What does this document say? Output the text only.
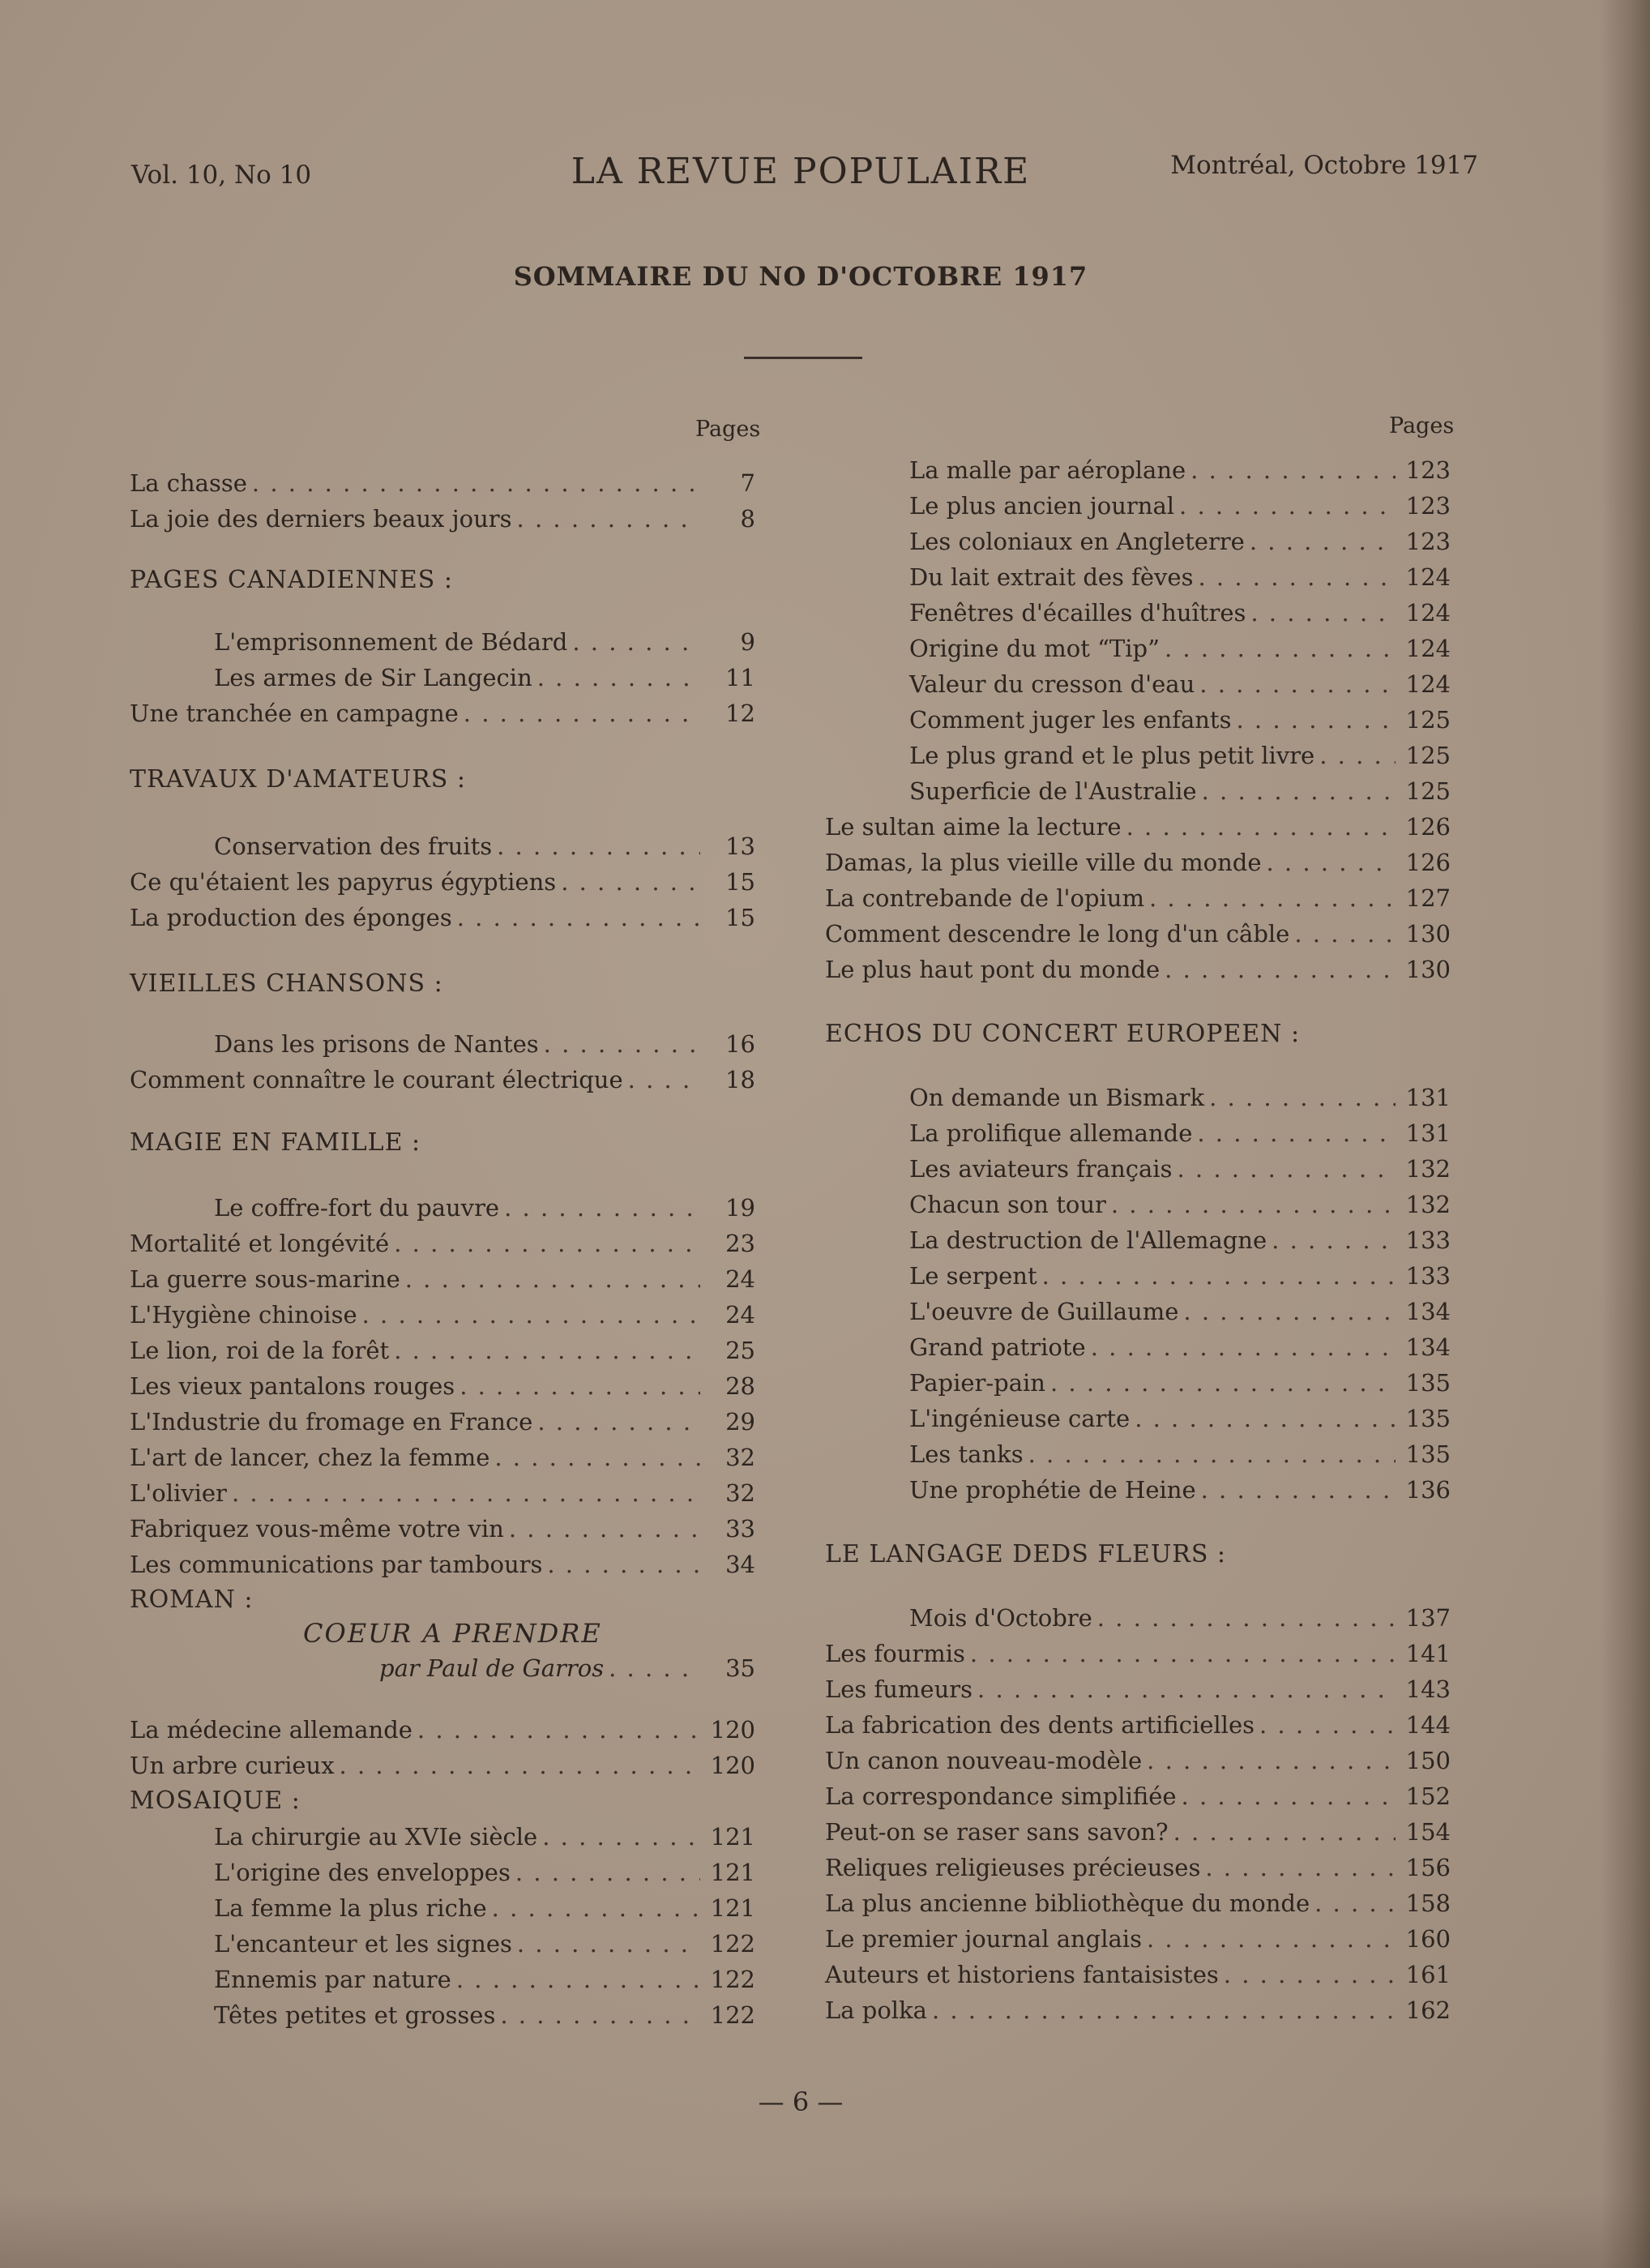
Vol. 10, No 10	LA REVUE POPULAIRE	Montréal, Octobre 1917
SOMMAIRE DU NO D'OCTOBRE 1917
Pages	Pages
La chasse . . .	7
La joie des derniers beaux jours . . .	8
PAGES CANADIENNES :
L'emprisonnement de Bédard . . .	9
Les armes de Sir Langecin . . .	11
Une tranchée en campagne . . .	12
TRAVAUX D'AMATEURS :
Conservation des fruits . . .	13
Ce qu'étaient les papyrus égyptiens . . .	15
La production des éponges . . .	15
VIEILLES CHANSONS :
Dans les prisons de Nantes . . .	16
Comment connaître le courant électrique . . .	18
MAGIE EN FAMILLE :
Le coffre-fort du pauvre . . .	19
Mortalité et longévité . . .	23
La guerre sous-marine . . .	24
L'Hygiène chinoise . . .	24
Le lion, roi de la forêt . . .	25
Les vieux pantalons rouges . . .	28
L'Industrie du fromage en France . . .	29
L'art de lancer, chez la femme . . .	32
L'olivier . . .	32
Fabriquez vous-même votre vin . . .	33
Les communications par tambours . . .	34
ROMAN :
COEUR A PRENDRE
par Paul de Garros . . .	35
La médecine allemande . . .	120
Un arbre curieux . . .	120
MOSAIQUE :
La chirurgie au XVIe siècle . . .	121
L'origine des enveloppes . . .	121
La femme la plus riche . . .	121
L'encanteur et les signes . . .	122
Ennemis par nature . . .	122
Têtes petites et grosses . . .	122
La malle par aéroplane . . .	123
Le plus ancien journal . . .	123
Les coloniaux en Angleterre . . .	123
Du lait extrait des fèves . . .	124
Fenêtres d'écailles d'huîtres . . .	124
Origine du mot “Tip” . . .	124
Valeur du cresson d'eau . . .	124
Comment juger les enfants . . .	125
Le plus grand et le plus petit livre . . .	125
Superficie de l'Australie . . .	125
Le sultan aime la lecture . . .	126
Damas, la plus vieille ville du monde . . .	126
La contrebande de l'opium . . .	127
Comment descendre le long d'un câble . . .	130
Le plus haut pont du monde . . .	130
ECHOS DU CONCERT EUROPEEN :
On demande un Bismark . . .	131
La prolifique allemande . . .	131
Les aviateurs français . . .	132
Chacun son tour . . .	132
La destruction de l'Allemagne . . .	133
Le serpent . . .	133
L'oeuvre de Guillaume . . .	134
Grand patriote . . .	134
Papier-pain . . .	135
L'ingénieuse carte . . .	135
Les tanks . . .	135
Une prophétie de Heine . . .	136
LE LANGAGE DEDS FLEURS :
Mois d'Octobre . . .	137
Les fourmis . . .	141
Les fumeurs . . .	143
La fabrication des dents artificielles . . .	144
Un canon nouveau-modèle . . .	150
La correspondance simplifiée . . .	152
Peut-on se raser sans savon? . . .	154
Reliques religieuses précieuses . . .	156
La plus ancienne bibliothèque du monde . . .	158
Le premier journal anglais . . .	160
Auteurs et historiens fantaisistes . . .	161
La polka . . .	162
— 6 —
